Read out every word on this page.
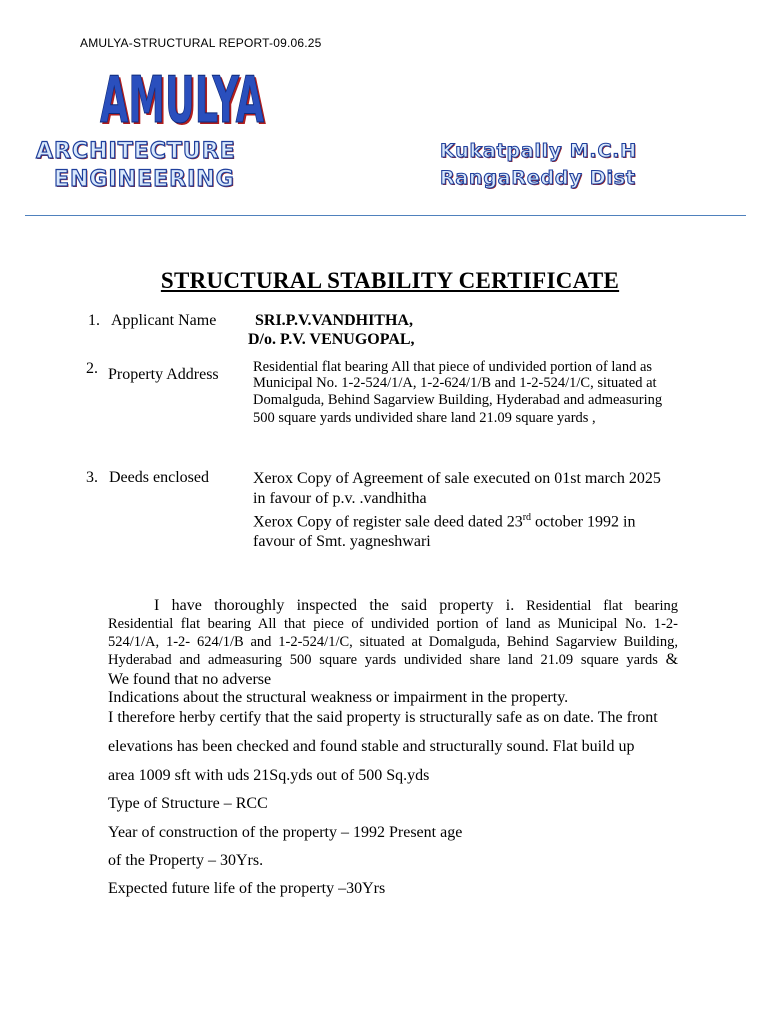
AMULYA-STRUCTURAL REPORT-09.06.25
AMULYA
AMULYA
ARCHITECTURE
ENGINEERING
Kukatpally M.C.H
RangaReddy Dist
STRUCTURAL STABILITY CERTIFICATE
1. Applicant Name SRI.P.V.VANDHITHA,
D/o. P.V. VENUGOPAL,
2. Property Address Residential flat bearing All that piece of undivided portion of land as
Municipal No. 1-2-524/1/A, 1-2-624/1/B and 1-2-524/1/C, situated at
Domalguda, Behind Sagarview Building, Hyderabad and admeasuring
500 square yards undivided share land 21.09 square yards ,
3. Deeds enclosed	Xerox Copy of Agreement of sale executed on 01st march 2025
in favour of p.v. .vandhitha
Xerox Copy of register sale deed dated 23rd october 1992 in
favour of Smt. yagneshwari
I have thoroughly inspected the said property i. Residential flat bearing
Residential flat bearing All that piece of undivided portion of land as Municipal No. 1-2-
524/1/A, 1-2- 624/1/B and 1-2-524/1/C, situated at Domalguda, Behind Sagarview Building,
Hyderabad and admeasuring 500 square yards undivided share land 21.09 square yards &
We found that no adverse
Indications about the structural weakness or impairment in the property.
I therefore herby certify that the said property is structurally safe as on date. The front
elevations has been checked and found stable and structurally sound. Flat build up
area 1009 sft with uds 21Sq.yds out of 500 Sq.yds
Type of Structure – RCC
Year of construction of the property – 1992 Present age
of the Property – 30Yrs.
Expected future life of the property –30Yrs
